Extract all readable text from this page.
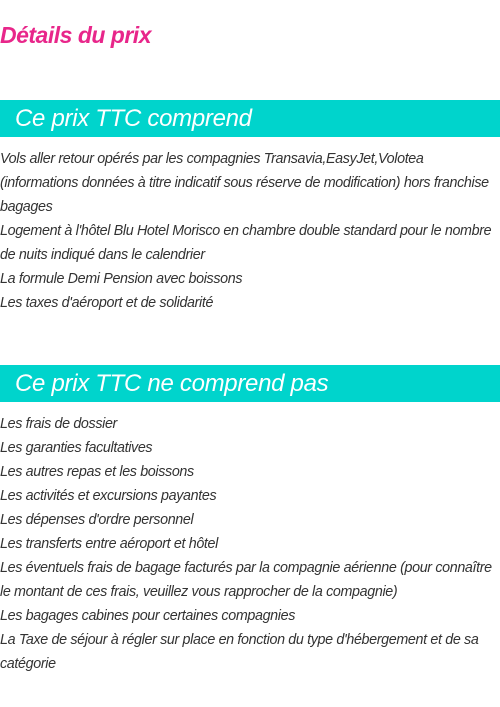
Détails du prix
Ce prix TTC comprend
Vols aller retour opérés par les compagnies Transavia,EasyJet,Volotea (informations données à titre indicatif sous réserve de modification) hors franchise bagages
Logement à l'hôtel Blu Hotel Morisco en chambre double standard pour le nombre de nuits indiqué dans le calendrier
La formule Demi Pension avec boissons
Les taxes d'aéroport et de solidarité
Ce prix TTC ne comprend pas
Les frais de dossier
Les garanties facultatives
Les autres repas et les boissons
Les activités et excursions payantes
Les dépenses d'ordre personnel
Les transferts entre aéroport et hôtel
Les éventuels frais de bagage facturés par la compagnie aérienne (pour connaître le montant de ces frais, veuillez vous rapprocher de la compagnie)
Les bagages cabines pour certaines compagnies
La Taxe de séjour à régler sur place en fonction du type d'hébergement et de sa catégorie
